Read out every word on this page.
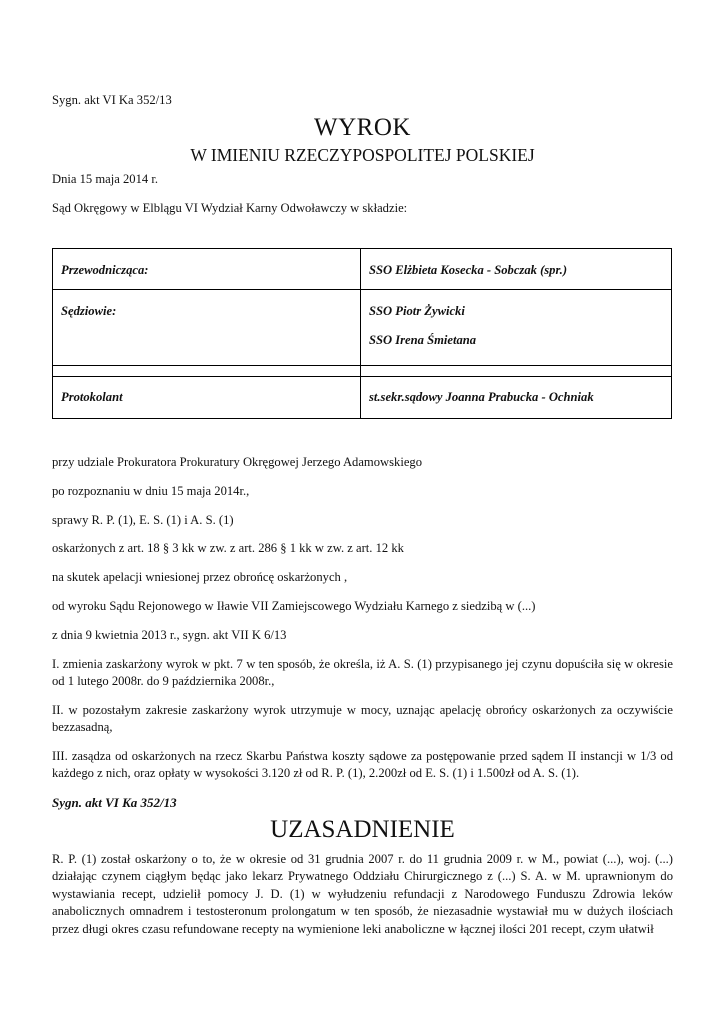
Sygn. akt VI Ka 352/13
WYROK
W IMIENIU RZECZYPOSPOLITEJ POLSKIEJ
Dnia 15 maja 2014 r.
Sąd Okręgowy w Elblągu VI Wydział Karny Odwoławczy w składzie:
Przewodnicząca:	SSO Elżbieta Kosecka - Sobczak (spr.)
Sędziowie:	SSO Piotr Żywicki
SSO Irena Śmietana
Protokolant	st.sekr.sądowy Joanna Prabucka - Ochniak
przy udziale Prokuratora Prokuratury Okręgowej Jerzego Adamowskiego
po rozpoznaniu w dniu 15 maja 2014r.,
sprawy R. P. (1), E. S. (1) i A. S. (1)
oskarżonych z art. 18 § 3 kk w zw. z art. 286 § 1 kk w zw. z art. 12 kk
na skutek apelacji wniesionej przez obrońcę oskarżonych ,
od wyroku Sądu Rejonowego w Iławie VII Zamiejscowego Wydziału Karnego z siedzibą w (...)
z dnia 9 kwietnia 2013 r., sygn. akt VII K 6/13
I. zmienia zaskarżony wyrok w pkt. 7 w ten sposób, że określa, iż A. S. (1) przypisanego jej czynu dopuściła się w okresie od 1 lutego 2008r. do 9 października 2008r.,
II. w pozostałym zakresie zaskarżony wyrok utrzymuje w mocy, uznając apelację obrońcy oskarżonych za oczywiście bezzasadną,
III. zasądza od oskarżonych na rzecz Skarbu Państwa koszty sądowe za postępowanie przed sądem II instancji w 1/3 od każdego z nich, oraz opłaty w wysokości 3.120 zł od R. P. (1), 2.200zł od E. S. (1) i 1.500zł od A. S. (1).
Sygn. akt VI Ka 352/13
UZASADNIENIE
R. P. (1) został oskarżony o to, że w okresie od 31 grudnia 2007 r. do 11 grudnia 2009 r. w M., powiat (...), woj. (...) działając czynem ciągłym będąc jako lekarz Prywatnego Oddziału Chirurgicznego z (...) S. A. w M. uprawnionym do wystawiania recept, udzielił pomocy J. D. (1) w wyłudzeniu refundacji z Narodowego Funduszu Zdrowia leków anabolicznych omnadrem i testosteronum prolongatum w ten sposób, że niezasadnie wystawiał mu w dużych ilościach przez długi okres czasu refundowane recepty na wymienione leki anaboliczne w łącznej ilości 201 recept, czym ułatwił
